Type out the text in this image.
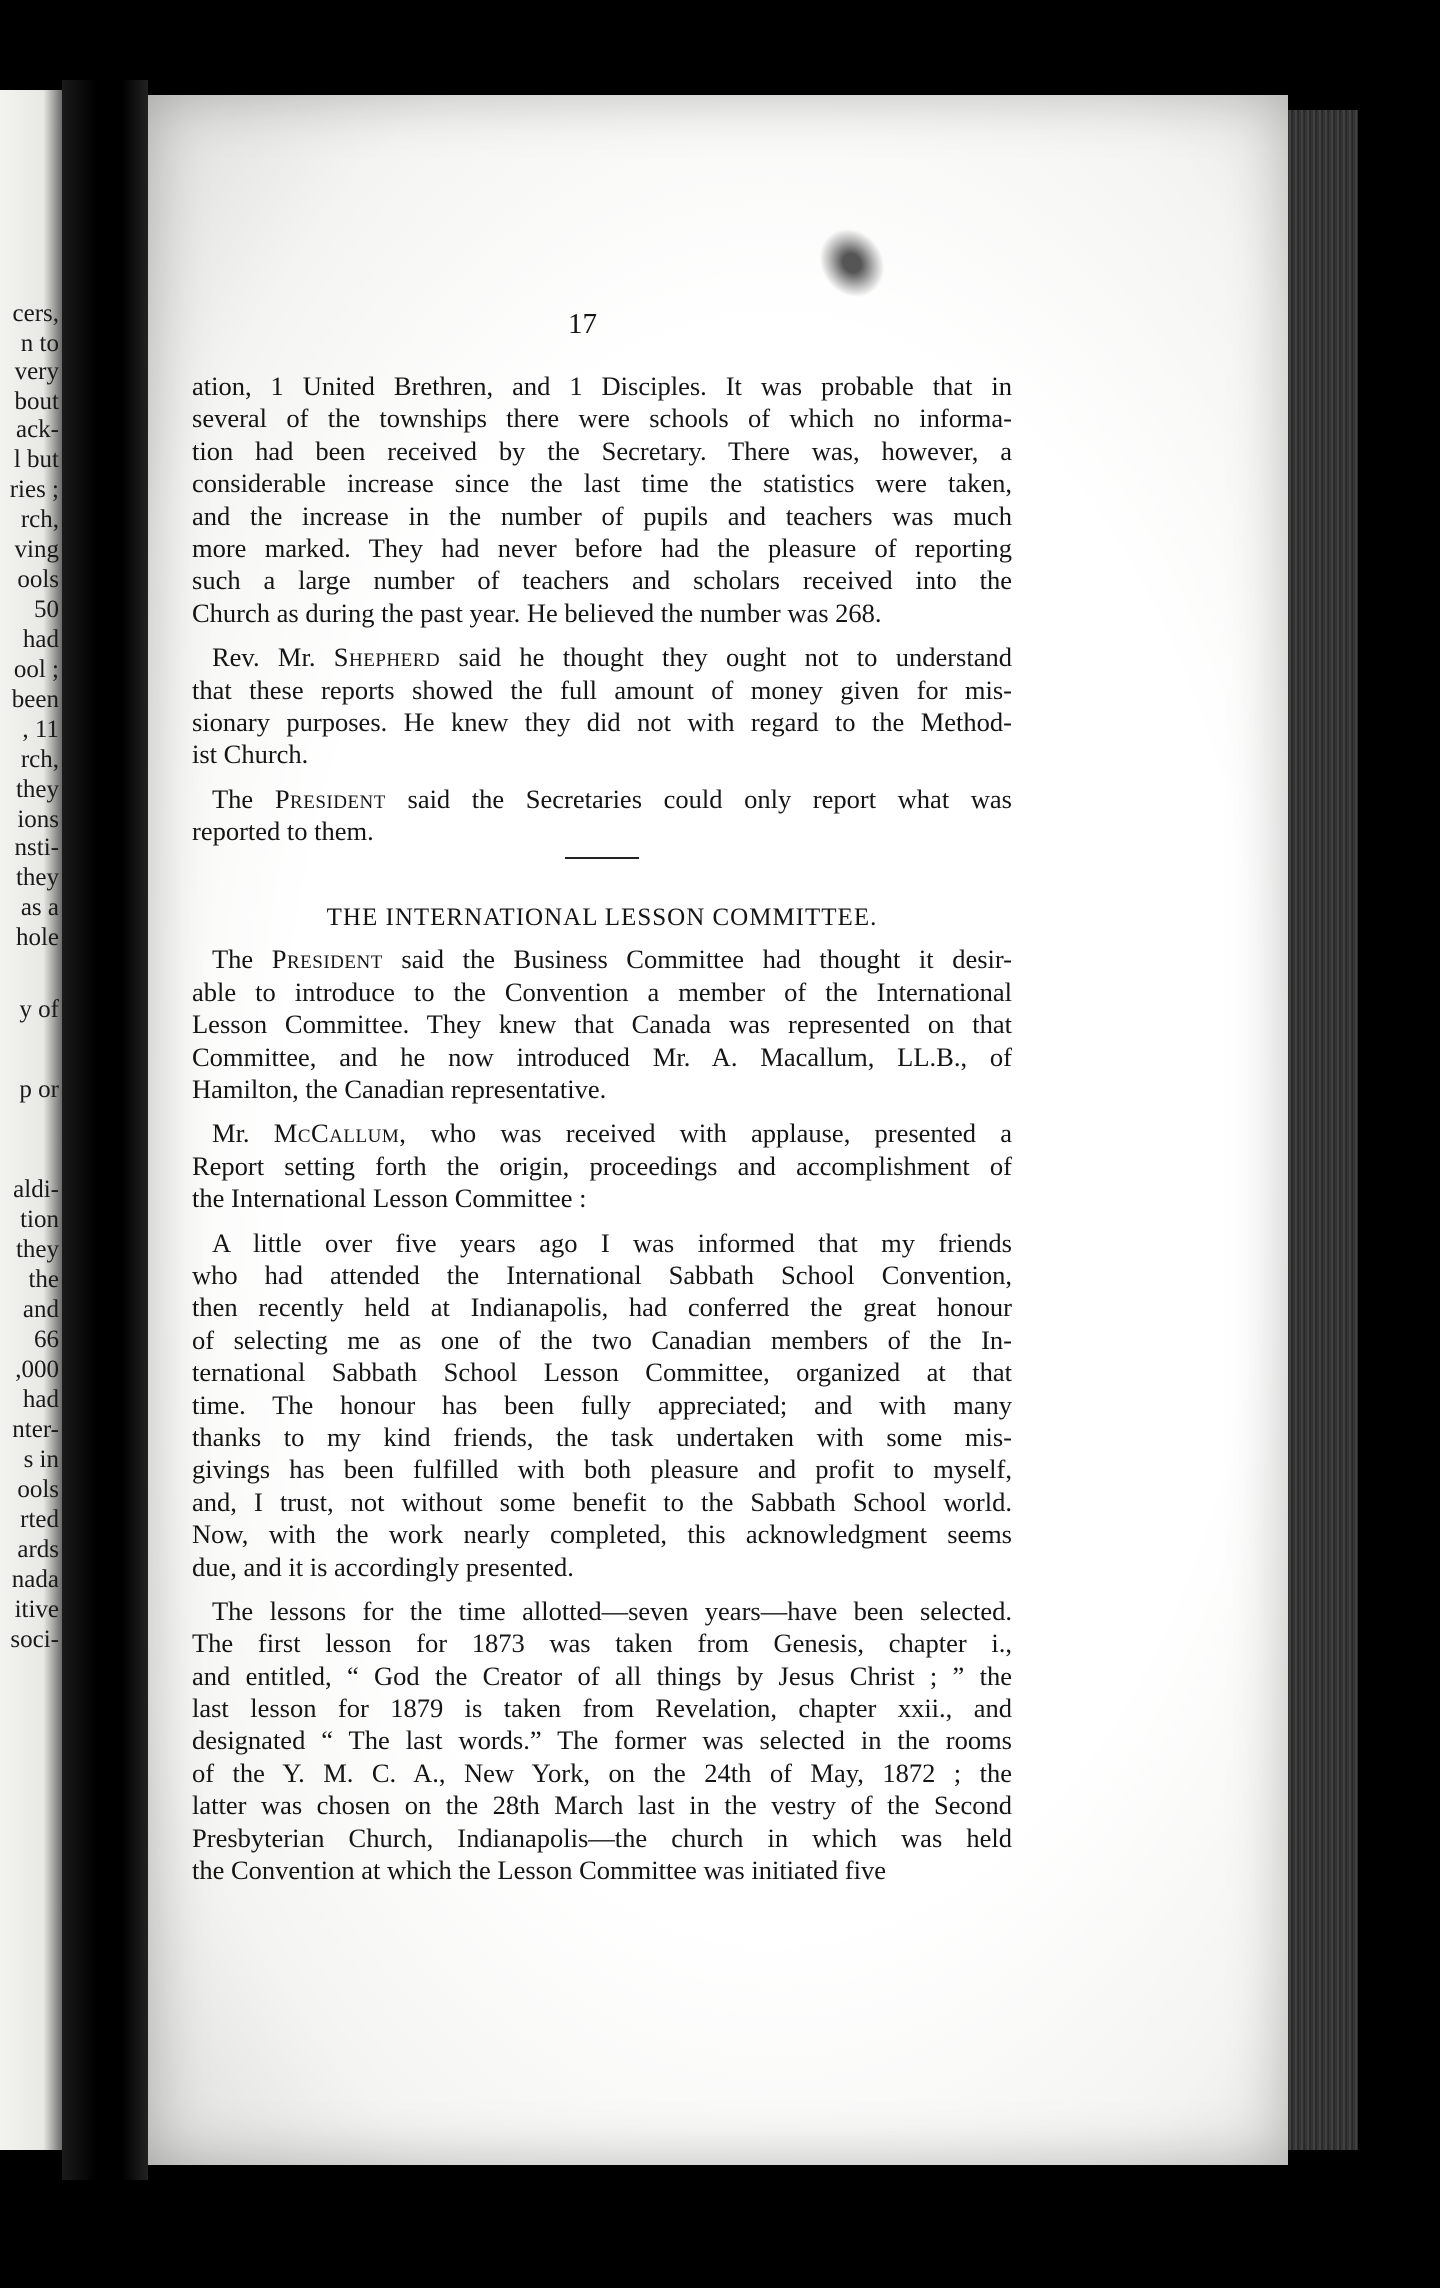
cers,
n to
very
bout
ack-
l but
ries ;
rch,
ving
ools
50
had
ool ;
been
, 11
rch,
they
ions
nsti-
they
as a
hole
y of
p or
aldi-
tion
they
the
and
66
,000
had
nter-
s in
ools
rted
ards
nada
itive
soci-
17
ation, 1 United Brethren, and 1 Disciples. It was probable that in
several of the townships there were schools of which no informa-
tion had been received by the Secretary. There was, however, a
considerable increase since the last time the statistics were taken,
and the increase in the number of pupils and teachers was much
more marked. They had never before had the pleasure of reporting
such a large number of teachers and scholars received into the
Church as during the past year. He believed the number was 268.
Rev. Mr. Shepherd said he thought they ought not to understand
that these reports showed the full amount of money given for mis-
sionary purposes. He knew they did not with regard to the Method-
ist Church.
The President said the Secretaries could only report what was
reported to them.
THE INTERNATIONAL LESSON COMMITTEE.
The President said the Business Committee had thought it desir-
able to introduce to the Convention a member of the International
Lesson Committee. They knew that Canada was represented on that
Committee, and he now introduced Mr. A. Macallum, LL.B., of
Hamilton, the Canadian representative.
Mr. McCallum, who was received with applause, presented a
Report setting forth the origin, proceedings and accomplishment of
the International Lesson Committee :
A little over five years ago I was informed that my friends
who had attended the International Sabbath School Convention,
then recently held at Indianapolis, had conferred the great honour
of selecting me as one of the two Canadian members of the In-
ternational Sabbath School Lesson Committee, organized at that
time. The honour has been fully appreciated; and with many
thanks to my kind friends, the task undertaken with some mis-
givings has been fulfilled with both pleasure and profit to myself,
and, I trust, not without some benefit to the Sabbath School world.
Now, with the work nearly completed, this acknowledgment seems
due, and it is accordingly presented.
The lessons for the time allotted—seven years—have been selected.
The first lesson for 1873 was taken from Genesis, chapter i.,
and entitled, “ God the Creator of all things by Jesus Christ ; ” the
last lesson for 1879 is taken from Revelation, chapter xxii., and
designated “ The last words.” The former was selected in the rooms
of the Y. M. C. A., New York, on the 24th of May, 1872 ; the
latter was chosen on the 28th March last in the vestry of the Second
Presbyterian Church, Indianapolis—the church in which was held
the Convention at which the Lesson Committee was initiated five
